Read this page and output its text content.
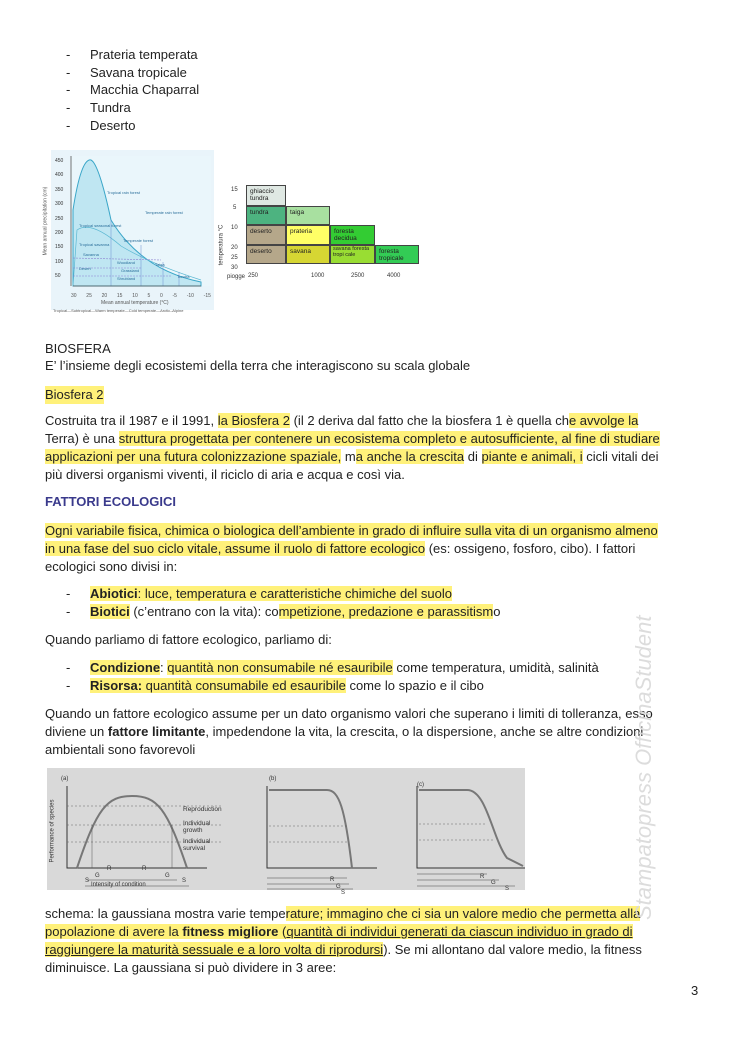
- Prateria temperata
- Savana tropicale
- Macchia Chaparral
- Tundra
- Deserto
450
400
350
300
250
200
150
100
50
Mean annual precipitation (cm)
30 25 20 15 10 5 0 -5 -10 -15
Mean annual temperature (°C)
Tropical—Subtropical—Warm temperate—Cold temperate—Arctic–Alpine
Tropical rain forest
Temperate rain forest
Tropical seasonal forest
Temperate forest
Tropical savanna
Savanna
Desert
Woodland
Grassland
Taiga
Shrubland	Tundra
temperatura °C
15
5
10
20
25
30
ghiaccio tundra
tundra	taiga
deserto	prateria	foresta decidua
deserto	savana	savana foresta tropi cale	foresta tropicale
piogge 250	1000	2500	4000
BIOSFERA
E’ l’insieme degli ecosistemi della terra che interagiscono su scala globale
Biosfera 2

Costruita tra il 1987 e il 1991, la Biosfera 2 (il 2 deriva dal fatto che la biosfera 1 è quella che avvolge la
Terra) è una struttura progettata per contenere un ecosistema completo e autosufficiente, al fine di studiare
applicazioni per una futura colonizzazione spaziale, ma anche la crescita di piante e animali, i cicli vitali dei
più diversi organismi viventi, il riciclo di aria e acqua e così via.

FATTORI ECOLOGICI

Ogni variabile fisica, chimica o biologica dell’ambiente in grado di influire sulla vita di un organismo almeno
in una fase del suo ciclo vitale, assume il ruolo di fattore ecologico (es: ossigeno, fosforo, cibo). I fattori
ecologici sono divisi in:

- Abiotici: luce, temperatura e caratteristiche chimiche del suolo
- Biotici (c’entrano con la vita): competizione, predazione e parassitismo
Quando parliamo di fattore ecologico, parliamo di:
- Condizione: quantità non consumabile né esauribile come temperatura, umidità, salinità
- Risorsa: quantità consumabile ed esauribile come lo spazio e il cibo

Quando un fattore ecologico assume per un dato organismo valori che superano i limiti di tolleranza, esso
diviene un fattore limitante, impedendone la vita, la crescita, o la dispersione, anche se altre condizioni
ambientali sono favorevoli

(a)	(b)
(c)
Performance of species	Reproduction
Individual growth
Individual survival
Intensity of condition
R	R
G	G
S	S	R
G
S
R
G
S

schema: la gaussiana mostra varie temperature; immagino che ci sia un valore medio che permetta alla
popolazione di avere la fitness migliore (quantità di individui generati da ciascun individuo in grado di
raggiungere la maturità sessuale e a loro volta di riprodursi). Se mi allontano dal valore medio, la fitness
diminuisce. La gaussiana si può dividere in 3 aree:

3
Stampatopress OfficinaStudent
